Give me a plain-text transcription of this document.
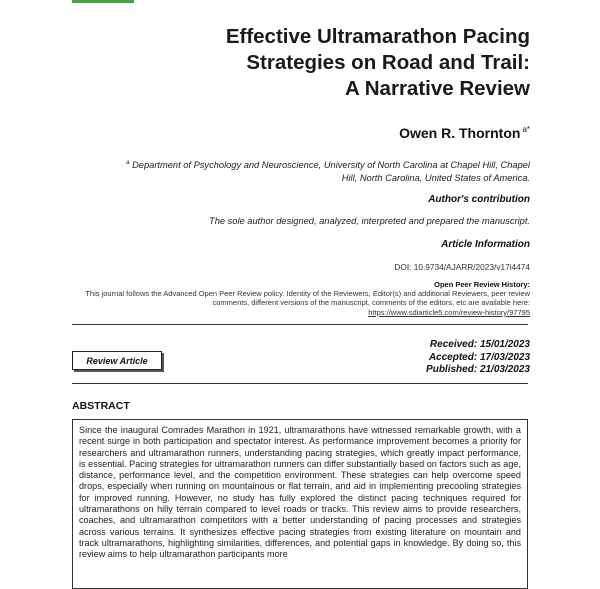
Effective Ultramarathon Pacing
Strategies on Road and Trail:
A Narrative Review
Owen R. Thornton $^{a*}$
$^a$ Department of Psychology and Neuroscience, University of North Carolina at Chapel Hill, Chapel Hill, North Carolina, United States of America.
Author's contribution
The sole author designed, analyzed, interpreted and prepared the manuscript.
Article Information
DOI: 10.9734/AJARR/2023/v17i4474
Open Peer Review History:
This journal follows the Advanced Open Peer Review policy. Identity of the Reviewers, Editor(s) and additional Reviewers, peer review comments, different versions of the manuscript, comments of the editors, etc are available here:
https://www.sdiarticle5.com/review-history/97795
Review Article
Received: 15/01/2023
Accepted: 17/03/2023
Published: 21/03/2023
ABSTRACT
Since the inaugural Comrades Marathon in 1921, ultramarathons have witnessed remarkable growth, with a recent surge in both participation and spectator interest. As performance improvement becomes a priority for researchers and ultramarathon runners, understanding pacing strategies, which greatly impact performance, is essential. Pacing strategies for ultramarathon runners can differ substantially based on factors such as age, distance, performance level, and the competition environment. These strategies can help overcome speed drops, especially when running on mountainous or flat terrain, and aid in implementing precooling strategies for improved running. However, no study has fully explored the distinct pacing techniques required for ultramarathons on hilly terrain compared to level roads or tracks. This review aims to provide researchers, coaches, and ultramarathon competitors with a better understanding of pacing processes and strategies across various terrains. It synthesizes effective pacing strategies from existing literature on mountain and track ultramarathons, highlighting similarities, differences, and potential gaps in knowledge. By doing so, this review aims to help ultramarathon participants more
